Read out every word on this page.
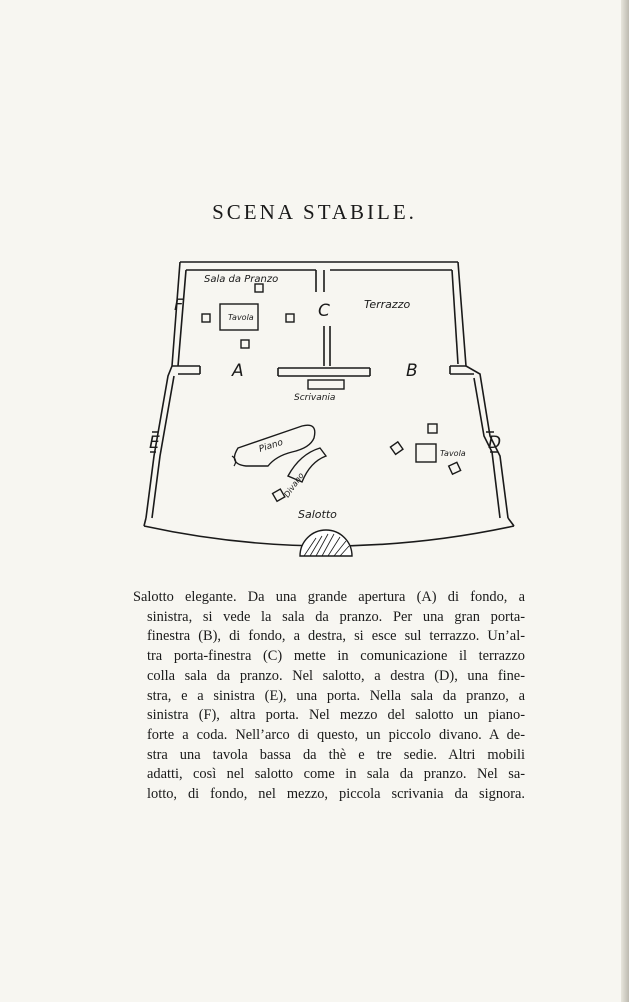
SCENA STABILE.
Sala da Pranzo
Tavola
Terrazzo
Scrivania
Piano
Divano
Tavola
Salotto
A	B
C
D
E
F
Salotto elegante. Da una grande apertura (A) di fondo, a
sinistra, si vede la sala da pranzo. Per una gran porta-
finestra (B), di fondo, a destra, si esce sul terrazzo. Un’al-
tra porta-finestra (C) mette in comunicazione il terrazzo
colla sala da pranzo. Nel salotto, a destra (D), una fine-
stra, e a sinistra (E), una porta. Nella sala da pranzo, a
sinistra (F), altra porta. Nel mezzo del salotto un piano-
forte a coda. Nell’arco di questo, un piccolo divano. A de-
stra una tavola bassa da thè e tre sedie. Altri mobili
adatti, così nel salotto come in sala da pranzo. Nel sa-
lotto, di fondo, nel mezzo, piccola scrivania da signora.
